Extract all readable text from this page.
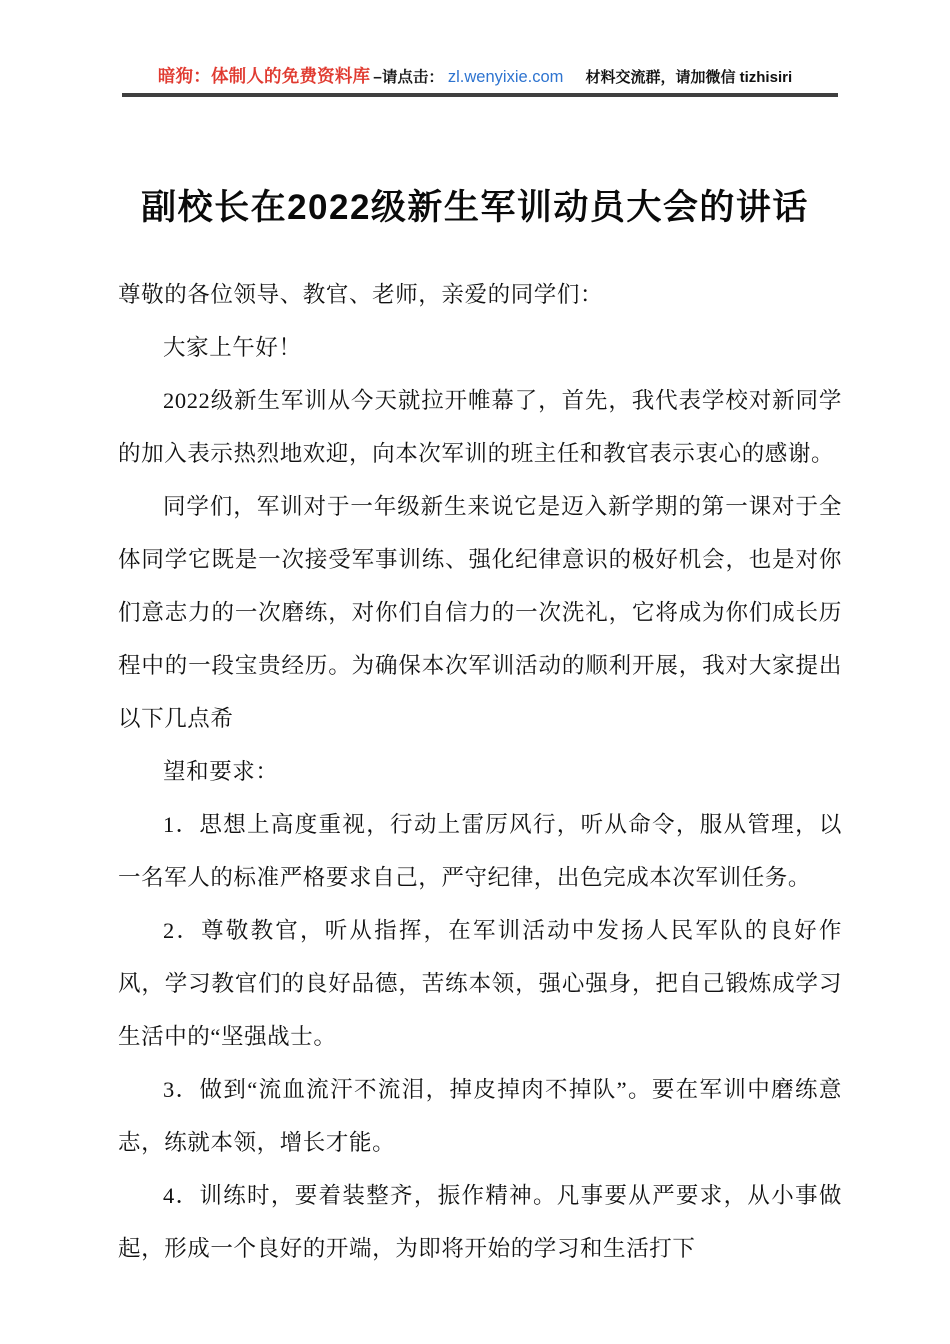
暗狗：体制人的免费资料库 –请点击： zl.wenyixie.com 材料交流群，请加微信 tizhisiri
副校长在2022级新生军训动员大会的讲话

尊敬的各位领导、教官、老师，亲爱的同学们：

大家上午好！

2022级新生军训从今天就拉开帷幕了，首先，我代表学校对新同学的加入表示热烈地欢迎，向本次军训的班主任和教官表示衷心的感谢。

同学们，军训对于一年级新生来说它是迈入新学期的第一课对于全体同学它既是一次接受军事训练、强化纪律意识的极好机会，也是对你们意志力的一次磨练，对你们自信力的一次洗礼，它将成为你们成长历程中的一段宝贵经历。为确保本次军训活动的顺利开展，我对大家提出以下几点希

望和要求：

1．思想上高度重视，行动上雷厉风行，听从命令，服从管理，以一名军人的标准严格要求自己，严守纪律，出色完成本次军训任务。

2．尊敬教官，听从指挥，在军训活动中发扬人民军队的良好作风，学习教官们的良好品德，苦练本领，强心强身，把自己锻炼成学习生活中的“坚强战士。

3．做到“流血流汗不流泪，掉皮掉肉不掉队”。要在军训中磨练意志，练就本领，增长才能。

4．训练时，要着装整齐，振作精神。凡事要从严要求，从小事做起，形成一个良好的开端，为即将开始的学习和生活打下
